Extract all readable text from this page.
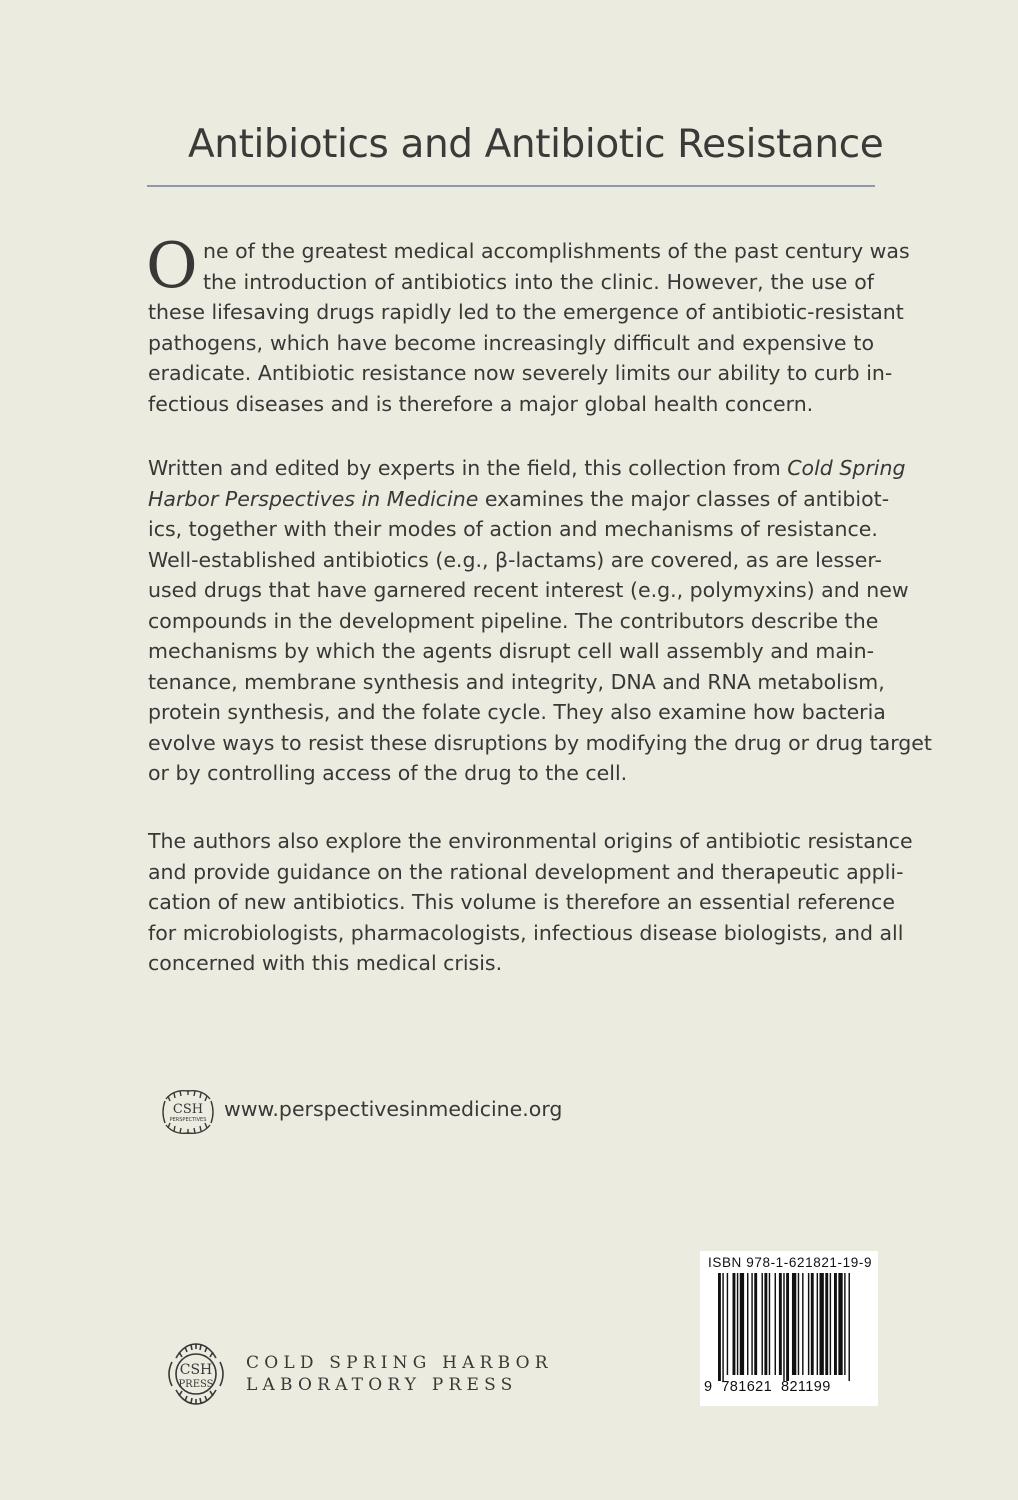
Antibiotics and Antibiotic Resistance
O ne of the greatest medical accomplishments of the past century was
the introduction of antibiotics into the clinic. However, the use of
these lifesaving drugs rapidly led to the emergence of antibiotic-resistant
pathogens, which have become increasingly difficult and expensive to
eradicate. Antibiotic resistance now severely limits our ability to curb in-
fectious diseases and is therefore a major global health concern.
Written and edited by experts in the field, this collection from Cold Spring
Harbor Perspectives in Medicine examines the major classes of antibiot-
ics, together with their modes of action and mechanisms of resistance.
Well-established antibiotics (e.g., β-lactams) are covered, as are lesser-
used drugs that have garnered recent interest (e.g., polymyxins) and new
compounds in the development pipeline. The contributors describe the
mechanisms by which the agents disrupt cell wall assembly and main-
tenance, membrane synthesis and integrity, DNA and RNA metabolism,
protein synthesis, and the folate cycle. They also examine how bacteria
evolve ways to resist these disruptions by modifying the drug or drug target
or by controlling access of the drug to the cell.
The authors also explore the environmental origins of antibiotic resistance
and provide guidance on the rational development and therapeutic appli-
cation of new antibiotics. This volume is therefore an essential reference
for microbiologists, pharmacologists, infectious disease biologists, and all
concerned with this medical crisis.
CSH
PERSPECTIVES www.perspectivesinmedicine.org
CSH
PRESS
COLD SPRING HARBOR
LABORATORY PRESS
ISBN 978-1-621821-19-9
9 781621 821199
